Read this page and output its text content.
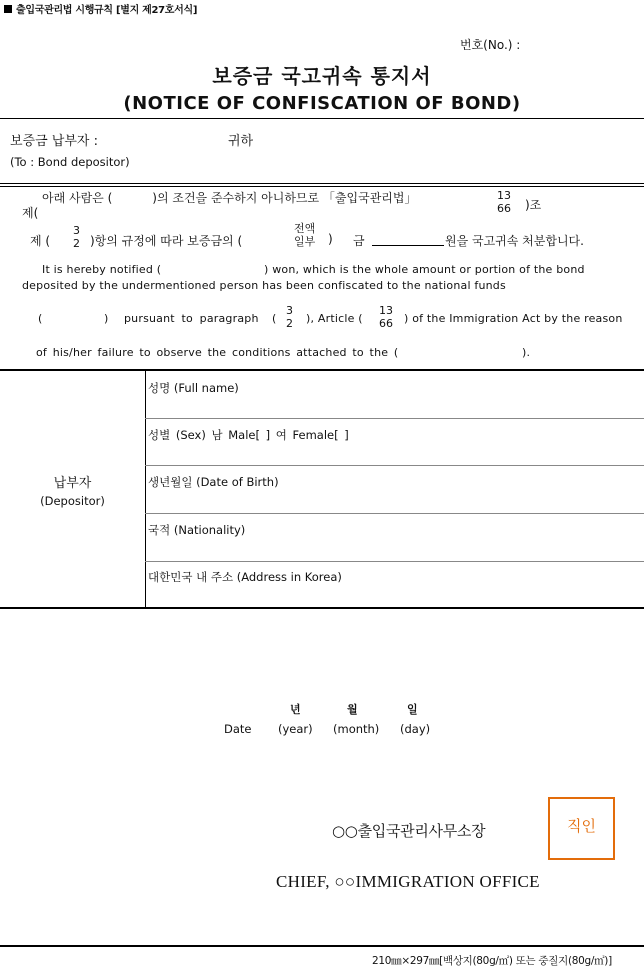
출입국관리법 시행규칙 [별지 제27호서식]
번호(No.) :
보증금 국고귀속 통지서
(NOTICE OF CONFISCATION OF BOND)
보증금 납부자 :	귀하
(To : Bond depositor)
아래 사람은 (	)의 조건을 준수하지 아니하므로 「출입국관리법」	13
66 )조
제(
제 (
3
2 )항의 규정에 따라 보증금의 (
전액
일부 ) 금	원을 국고귀속 처분합니다.
It is hereby notified (	) won, which is the whole amount or portion of the bond
deposited by the undermentioned person has been confiscated to the national funds
(	) pursuant to paragraph (
3
2 ), Article (
13
66 ) of the Immigration Act by the reason
of his/her failure to observe the conditions attached to the (	).
성명 (Full name)
성별 (Sex) 남 Male[ ] 여 Female[ ]
생년월일 (Date of Birth)
국적 (Nationality)
대한민국 내 주소 (Address in Korea)
납부자
(Depositor)
년	월	일
Date (year) (month) (day)
○○출입국관리사무소장	직인
CHIEF, ○○IMMIGRATION OFFICE
210㎜×297㎜[백상지(80g/㎡) 또는 중질지(80g/㎡)]
